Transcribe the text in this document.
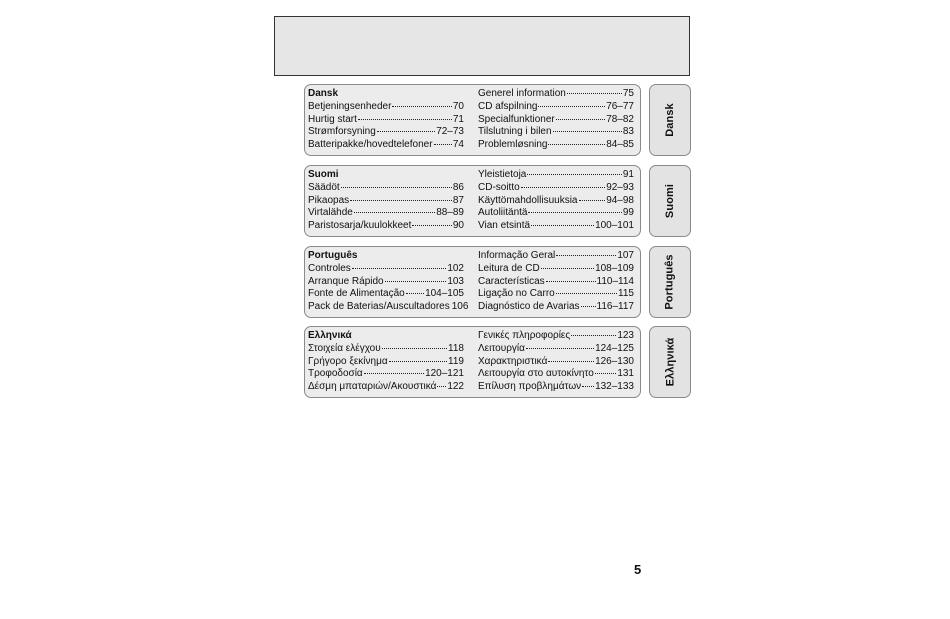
Dansk
Betjeningsenheder	70
Hurtig start	71
Strømforsyning	72–73
Batteripakke/hovedtelefoner 74
Generel information	75
CD afspilning	76–77
Specialfunktioner	78–82
Tilslutning i bilen	83
Problemløsning	84–85
Dansk
Suomi
Säädöt	86
Pikaopas	87
Virtalähde	88–89
Paristosarja/kuulokkeet	90
Yleistietoja	91
CD-soitto	92–93
Käyttömahdollisuuksia	94–98
Autoliitäntä	99
Vian etsintä	100–101
Suomi
Português
Controles	102
Arranque Rápido	103
Fonte de Alimentação 104–105
Pack de Baterias/Auscultadores 106
Informação Geral	107
Leitura de CD	108–109
Características	110–114
Ligação no Carro	115
Diagnóstico de Avarias 116–117	Português
Ελληνικά
Στοιχεία ελέγχου	118
Γρήγορο ξεκίνημα	119
Τροφοδοσία	120–121
Δέσμη μπαταριών/Ακουστικά 122
Γενικές πληροφορίες	123
Λειτουργία	124–125
Χαρακτηριστικά	126–130
Λειτουργία στο αυτοκίνητο 131
Επίλυση προβλημάτων 132–133
Ελληνικά
5
